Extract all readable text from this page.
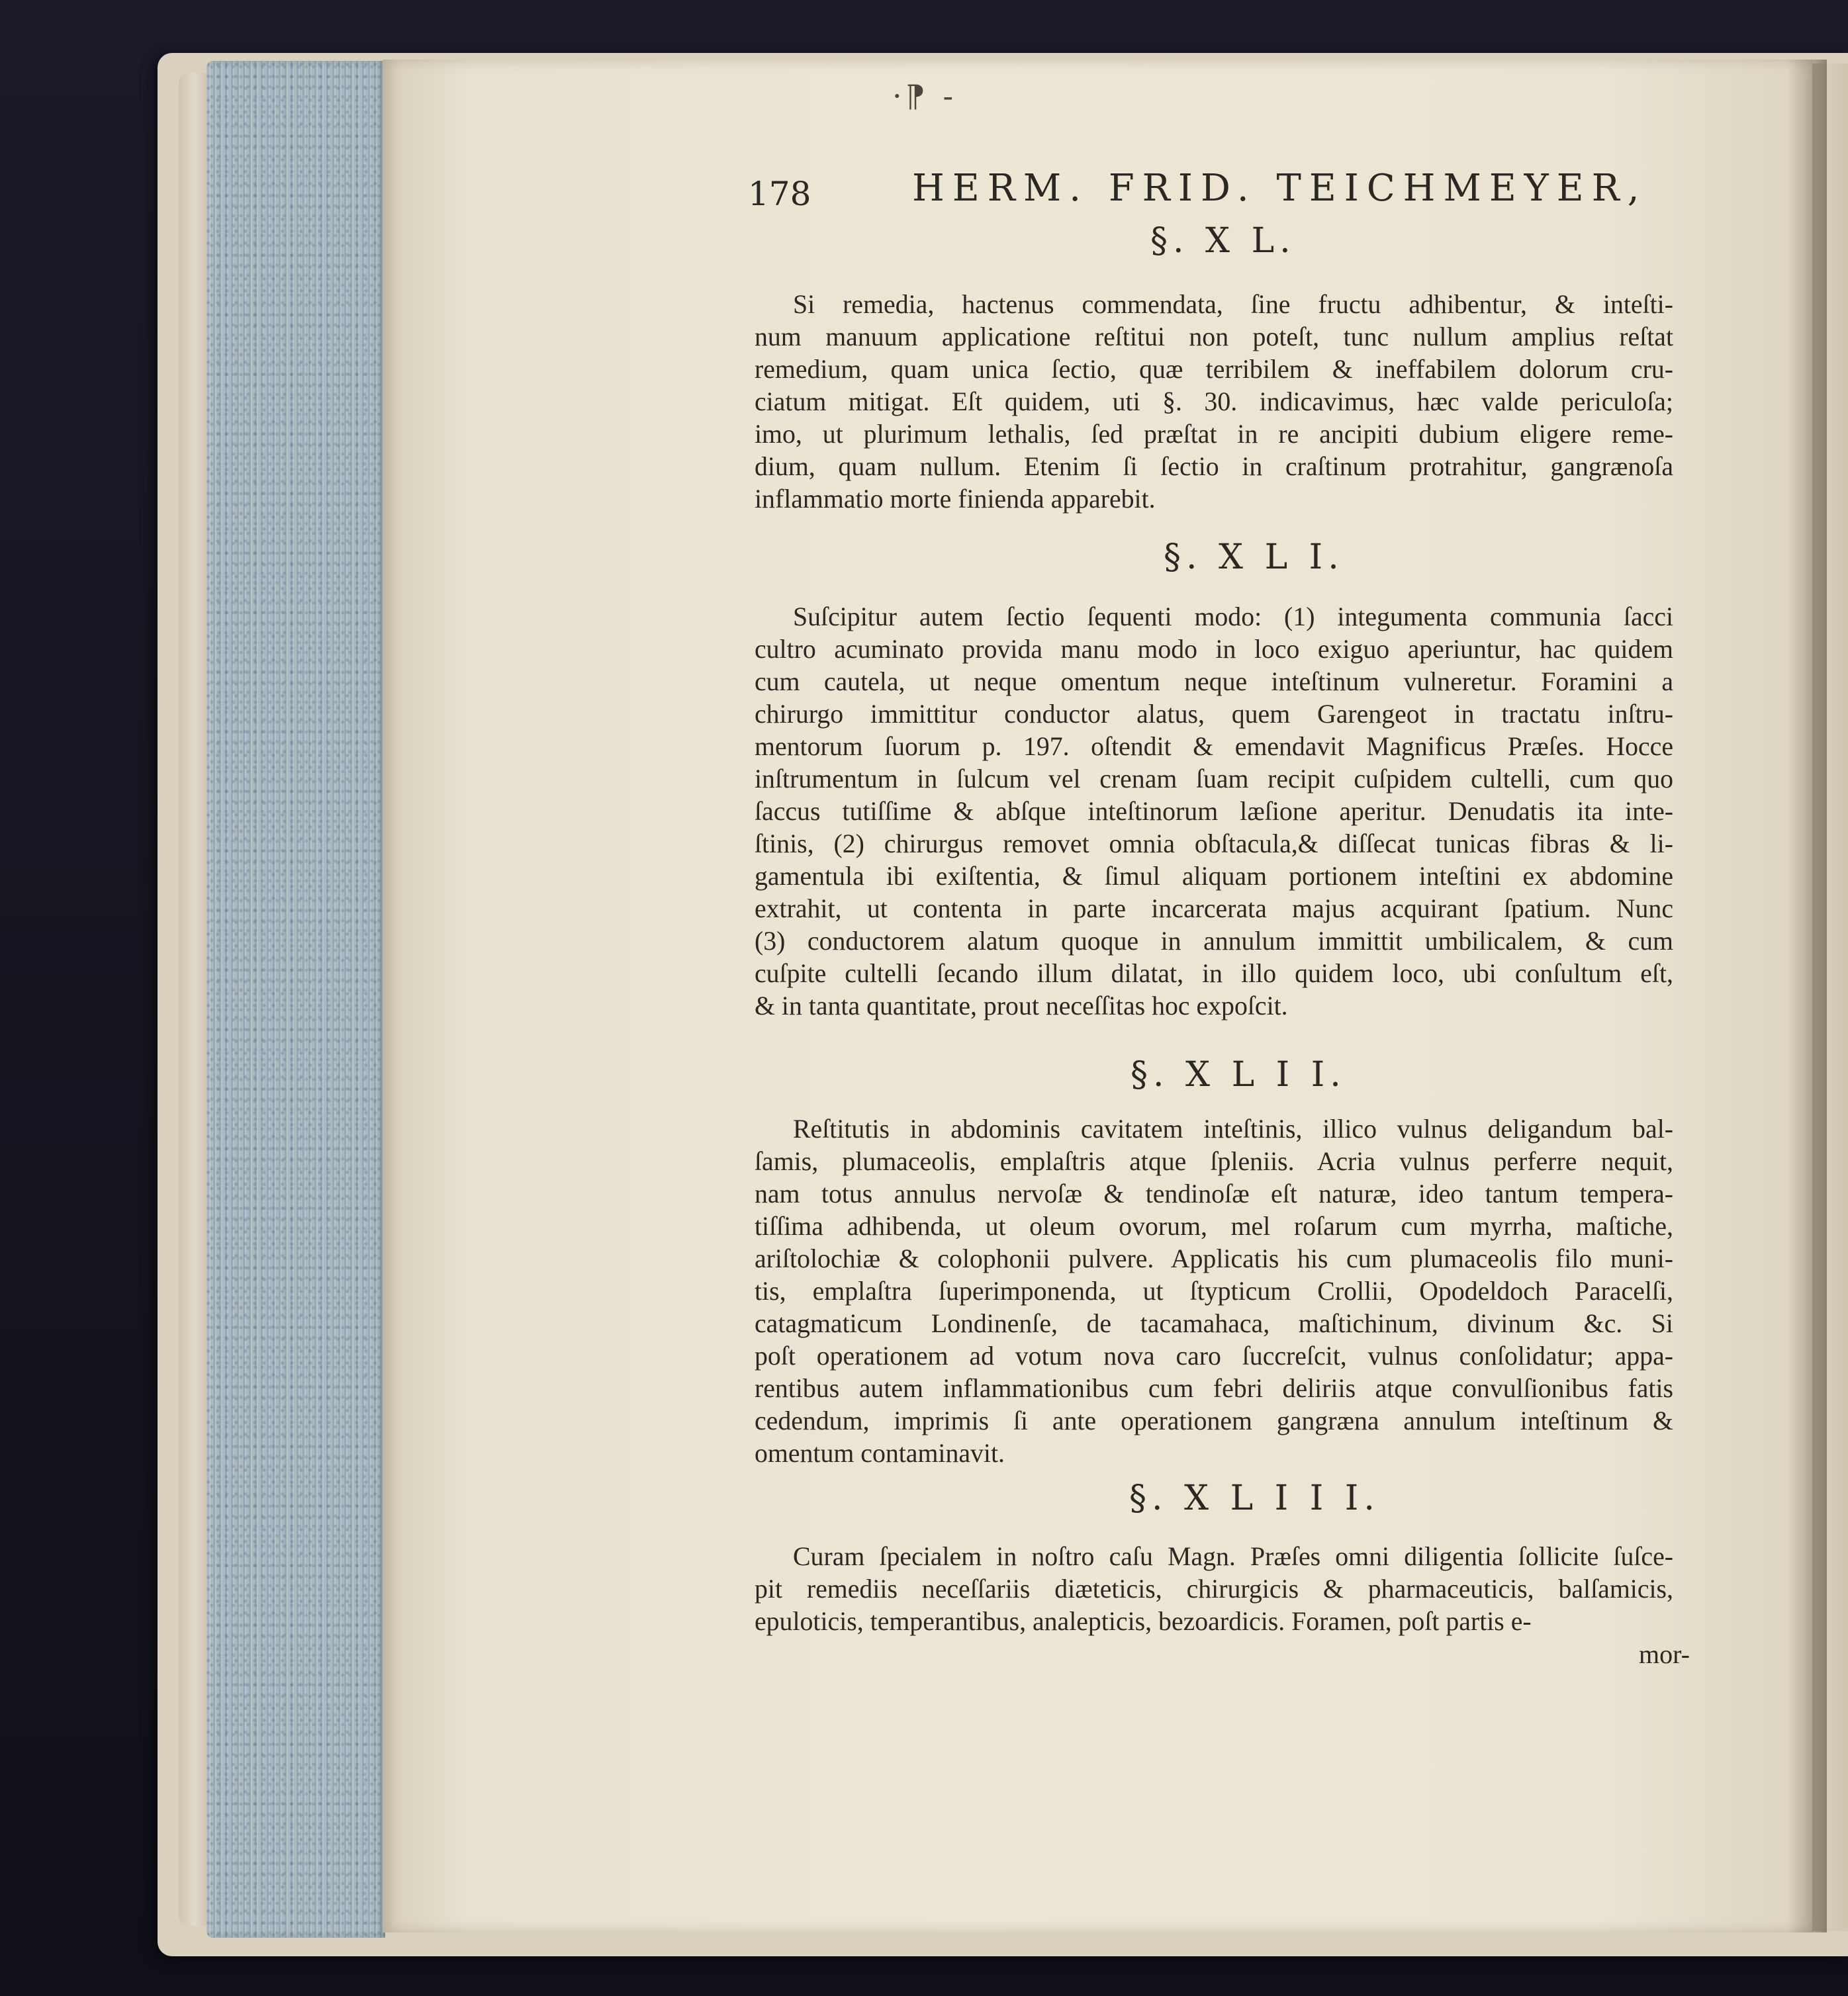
·⁋ -
178	HERM. FRID. TEICHMEYER,
§. X L.
Si remedia, hactenus commendata, ſine fructu adhibentur, & inteſti-
num manuum applicatione reſtitui non poteſt, tunc nullum amplius reſtat
remedium, quam unica ſectio, quæ terribilem & ineffabilem dolorum cru-
ciatum mitigat. Eſt quidem, uti §. 30. indicavimus, hæc valde periculoſa;
imo, ut plurimum lethalis, ſed præſtat in re ancipiti dubium eligere reme-
dium, quam nullum. Etenim ſi ſectio in craſtinum protrahitur, gangrænoſa
inflammatio morte finienda apparebit.
§. X L I.
Suſcipitur autem ſectio ſequenti modo: (1) integumenta communia ſacci
cultro acuminato provida manu modo in loco exiguo aperiuntur, hac quidem
cum cautela, ut neque omentum neque inteſtinum vulneretur. Foramini a
chirurgo immittitur conductor alatus, quem Garengeot in tractatu inſtru-
mentorum ſuorum p. 197. oſtendit & emendavit Magnificus Præſes. Hocce
inſtrumentum in ſulcum vel crenam ſuam recipit cuſpidem cultelli, cum quo
ſaccus tutiſſime & abſque inteſtinorum læſione aperitur. Denudatis ita inte-
ſtinis, (2) chirurgus removet omnia obſtacula,& diſſecat tunicas fibras & li-
gamentula ibi exiſtentia, & ſimul aliquam portionem inteſtini ex abdomine
extrahit, ut contenta in parte incarcerata majus acquirant ſpatium. Nunc
(3) conductorem alatum quoque in annulum immittit umbilicalem, & cum
cuſpite cultelli ſecando illum dilatat, in illo quidem loco, ubi conſultum eſt,
& in tanta quantitate, prout neceſſitas hoc expoſcit.
§. X L I I.
Reſtitutis in abdominis cavitatem inteſtinis, illico vulnus deligandum bal-
ſamis, plumaceolis, emplaſtris atque ſpleniis. Acria vulnus perferre nequit,
nam totus annulus nervoſæ & tendinoſæ eſt naturæ, ideo tantum tempera-
tiſſima adhibenda, ut oleum ovorum, mel roſarum cum myrrha, maſtiche,
ariſtolochiæ & colophonii pulvere. Applicatis his cum plumaceolis filo muni-
tis, emplaſtra ſuperimponenda, ut ſtypticum Crollii, Opodeldoch Paracelſi,
catagmaticum Londinenſe, de tacamahaca, maſtichinum, divinum &c. Si
poſt operationem ad votum nova caro ſuccreſcit, vulnus conſolidatur; appa-
rentibus autem inflammationibus cum febri deliriis atque convulſionibus fatis
cedendum, imprimis ſi ante operationem gangræna annulum inteſtinum &
omentum contaminavit.
§. X L I I I.
Curam ſpecialem in noſtro caſu Magn. Præſes omni diligentia ſollicite ſuſce-
pit remediis neceſſariis diæteticis, chirurgicis & pharmaceuticis, balſamicis,
epuloticis, temperantibus, analepticis, bezoardicis. Foramen, poſt partis e-
mor-
